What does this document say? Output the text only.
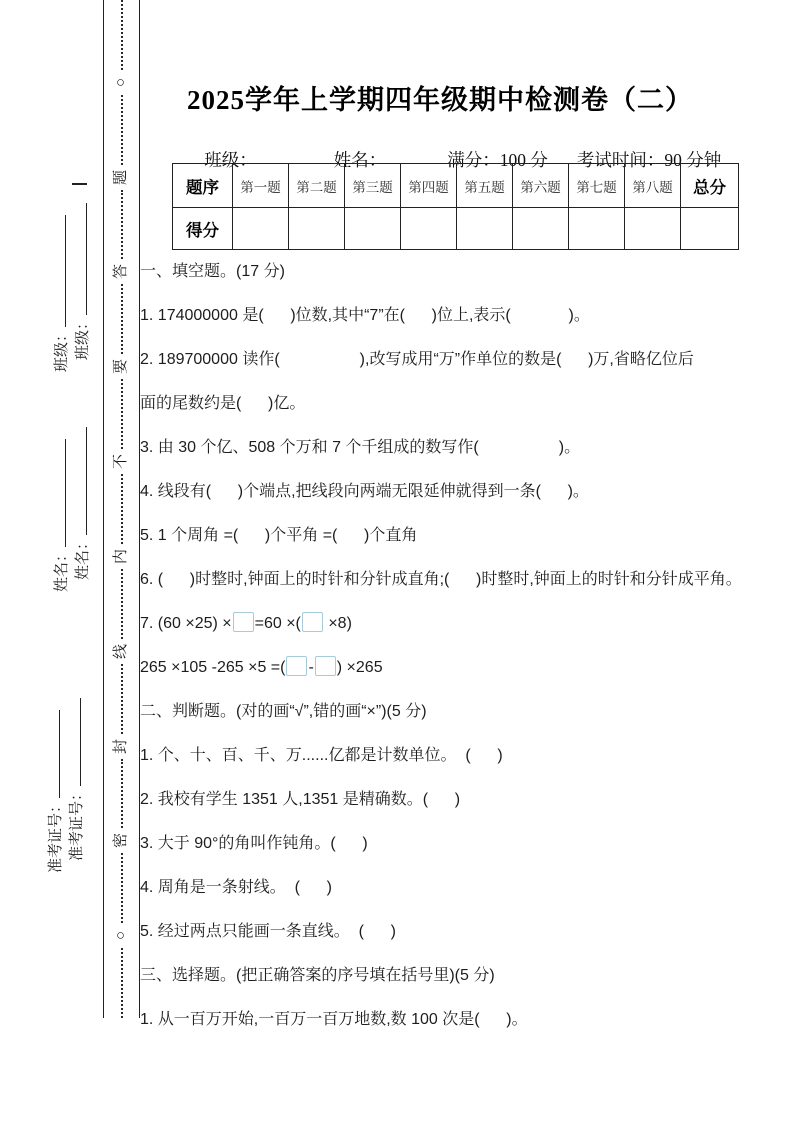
班级： 班级：
姓名： 姓名：
准考证号： 准考证号：
○
题
答
要
不
内
线
封
密
○
2025学年上学期四年级期中检测卷（二）

班级：	姓名：	满分：100 分 考试时间：90 分钟

题序	第一题	第二题	第三题	第四题	第五题	第六题	第七题	第八题	总分
得分									
一、填空题。(17 分)
1. 174000000 是(      )位数,其中“7”在(      )位上,表示(             )。
2. 189700000 读作(                  ),改写成用“万”作单位的数是(      )万,省略亿位后
面的尾数约是(      )亿。
3. 由 30 个亿、508 个万和 7 个千组成的数写作(                  )。
4. 线段有(      )个端点,把线段向两端无限延伸就得到一条(      )。
5. 1 个周角 =(      )个平角 =(      )个直角
6. (      )时整时,钟面上的时针和分针成直角;(      )时整时,钟面上的时针和分针成平角。
7. (60 ×25) × =60 ×( ×8)
265 ×105 -265 ×5 =( - ) ×265
二、判断题。(对的画“√”,错的画“×”)(5 分)
1. 个、十、百、千、万......亿都是计数单位。  (      )
2. 我校有学生 1351 人,1351 是精确数。(      )
3. 大于 90°的角叫作钝角。(      )
4. 周角是一条射线。  (      )
5. 经过两点只能画一条直线。  (      )
三、选择题。(把正确答案的序号填在括号里)(5 分)
1. 从一百万开始,一百万一百万地数,数 100 次是(      )。
